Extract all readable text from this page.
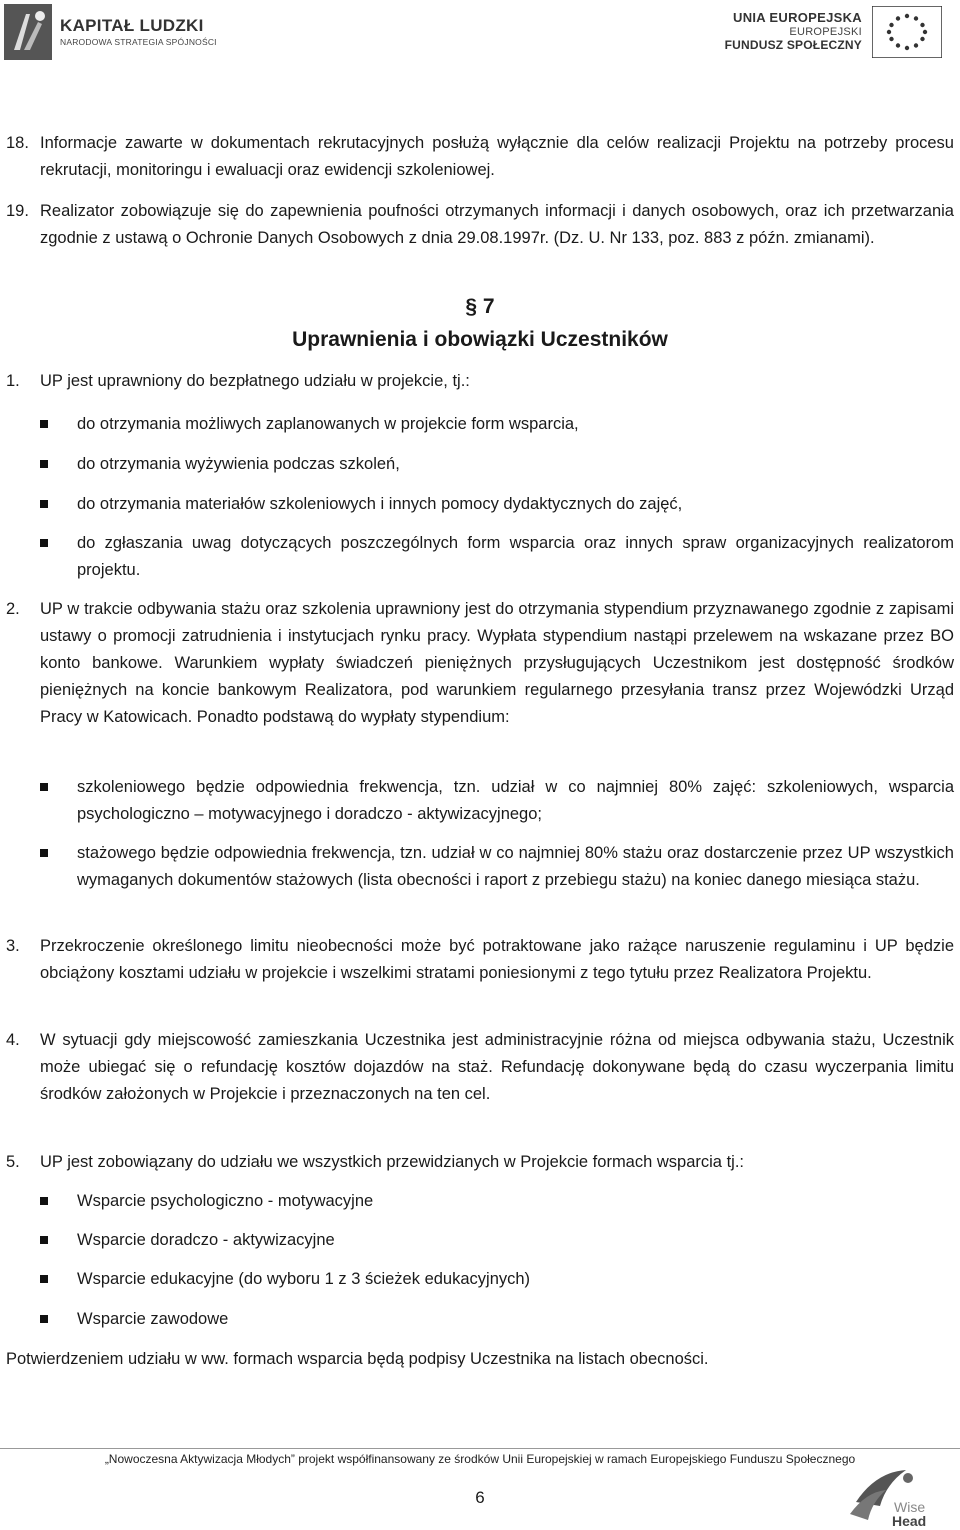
KAPITAŁ LUDZKI
NARODOWA STRATEGIA SPÓJNOŚCI
UNIA EUROPEJSKA
EUROPEJSKI
FUNDUSZ SPOŁECZNY
18. Informacje zawarte w dokumentach rekrutacyjnych posłużą wyłącznie dla celów realizacji Projektu na potrzeby procesu rekrutacji, monitoringu i ewaluacji oraz ewidencji szkoleniowej.
19. Realizator zobowiązuje się do zapewnienia poufności otrzymanych informacji i danych osobowych, oraz ich przetwarzania zgodnie z ustawą o Ochronie Danych Osobowych z dnia 29.08.1997r. (Dz. U. Nr 133, poz. 883 z późn. zmianami).
§ 7
Uprawnienia i obowiązki Uczestników
1. UP jest uprawniony do bezpłatnego udziału w projekcie, tj.:
do otrzymania możliwych zaplanowanych w projekcie form wsparcia,
do otrzymania wyżywienia podczas szkoleń,
do otrzymania materiałów szkoleniowych i innych pomocy dydaktycznych do zajęć,
do zgłaszania uwag dotyczących poszczególnych form wsparcia oraz innych spraw organizacyjnych realizatorom projektu.
2. UP w trakcie odbywania stażu oraz szkolenia uprawniony jest do otrzymania stypendium przyznawanego zgodnie z zapisami ustawy o promocji zatrudnienia i instytucjach rynku pracy. Wypłata stypendium nastąpi przelewem na wskazane przez BO konto bankowe. Warunkiem wypłaty świadczeń pieniężnych przysługujących Uczestnikom jest dostępność środków pieniężnych na koncie bankowym Realizatora, pod warunkiem regularnego przesyłania transz przez Wojewódzki Urząd Pracy w Katowicach. Ponadto podstawą do wypłaty stypendium:
szkoleniowego będzie odpowiednia frekwencja, tzn. udział w co najmniej 80% zajęć: szkoleniowych, wsparcia psychologiczno – motywacyjnego i doradczo - aktywizacyjnego;
stażowego będzie odpowiednia frekwencja, tzn. udział w co najmniej 80% stażu oraz dostarczenie przez UP wszystkich wymaganych dokumentów stażowych (lista obecności i raport z przebiegu stażu) na koniec danego miesiąca stażu.
3. Przekroczenie określonego limitu nieobecności może być potraktowane jako rażące naruszenie regulaminu i UP będzie obciążony kosztami udziału w projekcie i wszelkimi stratami poniesionymi z tego tytułu przez Realizatora Projektu.
4. W sytuacji gdy miejscowość zamieszkania Uczestnika jest administracyjnie różna od miejsca odbywania stażu, Uczestnik może ubiegać się o refundację kosztów dojazdów na staż. Refundację dokonywane będą do czasu wyczerpania limitu środków założonych w Projekcie i przeznaczonych na ten cel.
5. UP jest zobowiązany do udziału we wszystkich przewidzianych w Projekcie formach wsparcia tj.:
Wsparcie psychologiczno - motywacyjne
Wsparcie doradczo - aktywizacyjne
Wsparcie edukacyjne (do wyboru 1 z 3 ścieżek edukacyjnych)
Wsparcie zawodowe
Potwierdzeniem udziału w ww. formach wsparcia będą podpisy Uczestnika na listach obecności.
„Nowoczesna Aktywizacja Młodych” projekt współfinansowany ze środków Unii Europejskiej w ramach Europejskiego Funduszu Społecznego
6	Wise
Head
